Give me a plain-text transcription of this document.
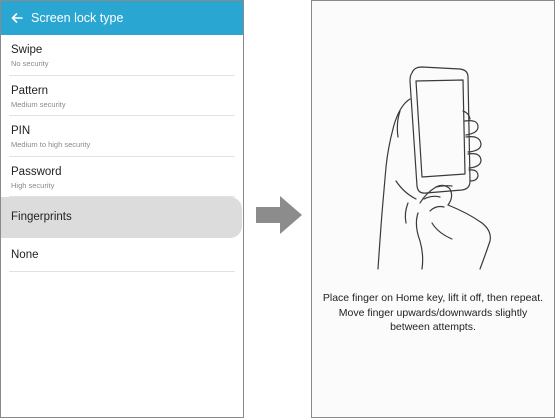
Screen lock type
Swipe
No security
Pattern
Medium security
PIN
Medium to high security
Password
High security
Fingerprints
None
Place finger on Home key, lift it off, then repeat. Move finger upwards/downwards slightly between attempts.
